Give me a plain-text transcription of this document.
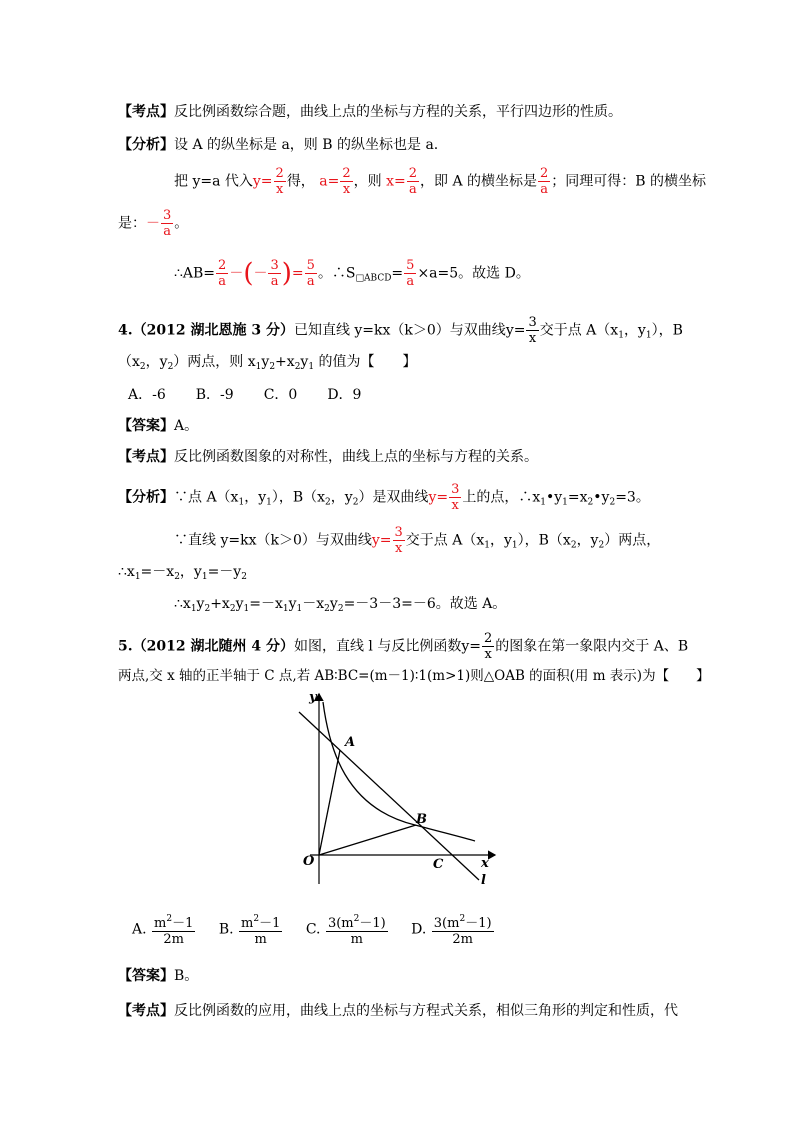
【考点】反比例函数综合题，曲线上点的坐标与方程的关系，平行四边形的性质。
【分析】设 A 的纵坐标是 a，则 B 的纵坐标也是 a.
把 y=a 代入$y= \frac{2}{x}$ 得， $a= \frac{2}{x}$ ，则 $x= \frac{2}{a}$ ，即 A 的横坐标是 $\frac{2}{a}$ ；同理可得：B 的横坐标
是：－ $\frac{3}{a}$ 。
∴AB= $\frac{2}{a}$ －(－ $\frac{3}{a}$ )= $\frac{5}{a}$ 。$\therefore S_{□ABCD}= \frac{5}{a} \times a=5$。故选 D。
4.（2012 湖北恩施 3 分）已知直线 y=kx（k＞0）与双曲线$y= \frac{3}{x}$ 交于点 $A(x_1$，$y_1$），B
（$x_2$，$y_2$）两点，则 $x_1y_2+x_2y_1$ 的值为【　　】
A．-6 B．-9 C．0 D．9
【答案】A。
【考点】反比例函数图象的对称性，曲线上点的坐标与方程的关系。
【分析】∵点 $A(x_1$，$y_1$），$B(x_2$，$y_2$）是双曲线$y= \frac{3}{x}$ 上的点，$\therefore x_1•y_1=x_2•y_2=3$。
∵直线 y=kx（k＞0）与双曲线$y= \frac{3}{x}$ 交于点 $A(x_1$，$y_1$），$B(x_2$，$y_2$）两点，
$\therefore x_1=-x_2$，$y_1=-y_2$
$\therefore x_1y_2+x_2y_1=-x_1y_1-x_2y_2=-3-3=-6$。故选 A。
5.（2012 湖北随州 4 分）如图，直线 l 与反比例函数$y= \frac{2}{x}$ 的图象在第一象限内交于 A、B
两点,交 x 轴的正半轴于 C 点,若 AB∶BC=(m－1)∶1(m>1)则△OAB 的面积(用 m 表示)为【　　】
y
x
A
B
O	C
l
A. $\frac{m^2-1}{2m} B$. $\frac{m^2-1}{m} C$. $\frac{3(m^2-1)}{m} D$. $\frac{3(m^2-1)}{2m}$
【答案】B。
【考点】反比例函数的应用，曲线上点的坐标与方程式关系，相似三角形的判定和性质，代
